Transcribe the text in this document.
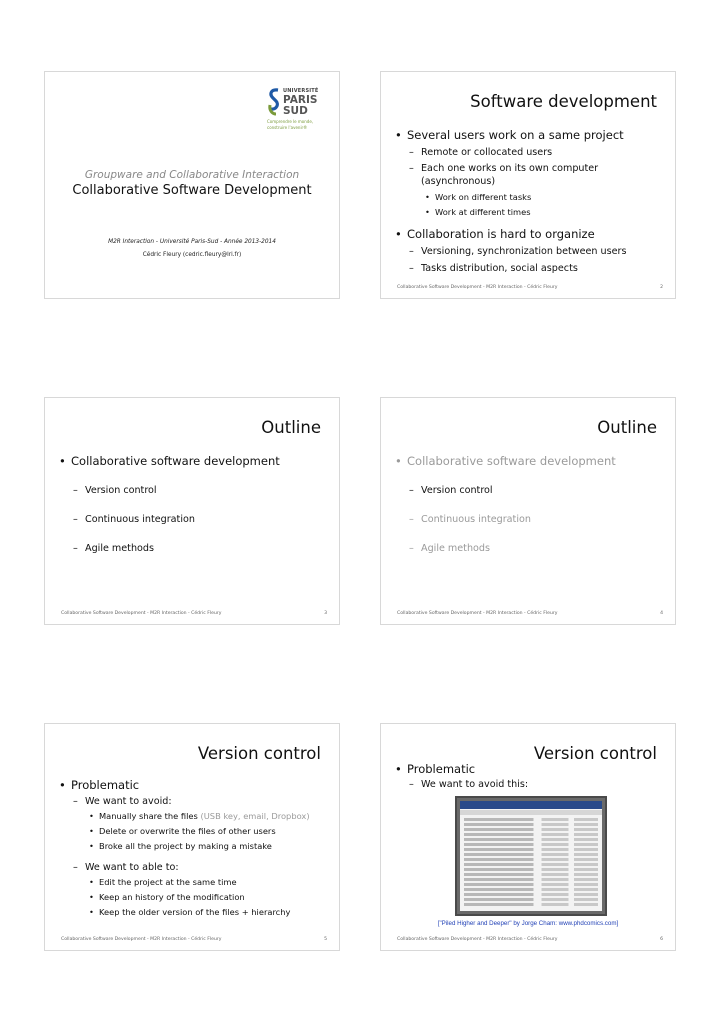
UNIVERSITÉ
PARIS
SUD
Comprendre le monde,
construire l'avenir®
Groupware and Collaborative Interaction
Collaborative Software Development
M2R Interaction - Université Paris-Sud - Année 2013-2014
Cédric Fleury (cedric.fleury@lri.fr)
Software development
• Several users work on a same project
– Remote or collocated users
– Each one works on its own computer (asynchronous)
• Work on different tasks
• Work at different times
• Collaboration is hard to organize
– Versioning, synchronization between users
– Tasks distribution, social aspects
Collaborative Software Development - M2R Interaction - Cédric Fleury	2
Outline
• Collaborative software development
– Version control
– Continuous integration
– Agile methods
Collaborative Software Development - M2R Interaction - Cédric Fleury	3
Outline
• Collaborative software development
– Version control
– Continuous integration
– Agile methods
Collaborative Software Development - M2R Interaction - Cédric Fleury	4
Version control
• Problematic
– We want to avoid:
• Manually share the files (USB key, email, Dropbox)
• Delete or overwrite the files of other users
• Broke all the project by making a mistake
– We want to able to:
• Edit the project at the same time
• Keep an history of the modification
• Keep the older version of the files + hierarchy
Collaborative Software Development - M2R Interaction - Cédric Fleury	5
Version control
• Problematic
– We want to avoid this:
["Piled Higher and Deeper" by Jorge Cham: www.phdcomics.com]
Collaborative Software Development - M2R Interaction - Cédric Fleury	6
